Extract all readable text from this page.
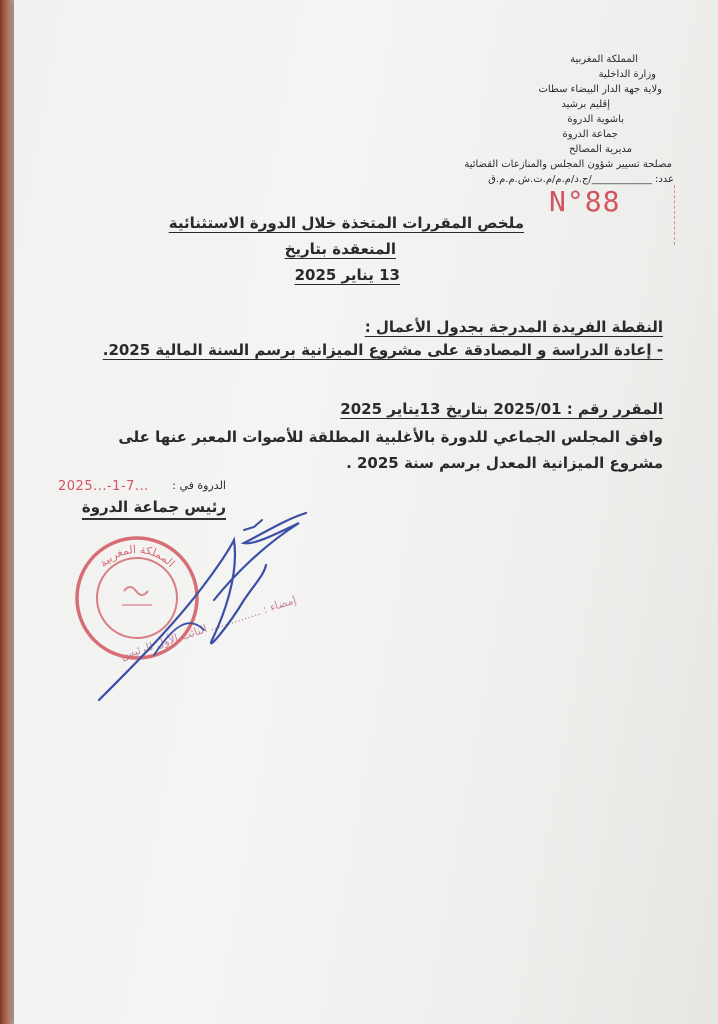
المملكة المغربية
وزارة الداخلية
ولاية جهة الدار البيضاء سطات
إقليم برشيد
باشوية الدروة
جماعة الدروة
مديرية المصالح
مصلحة تسيير شؤون المجلس والمنازعات القضائية
عدد: ____________/ج.د/م.م/م.ت.ش.م.م.ق
N°88
ملخص المقررات المتخذة خلال الدورة الاستثنائية
المنعقدة بتاريخ
13 يناير 2025
النقطة الفريدة المدرجة بجدول الأعمال :
- إعادة الدراسة و المصادقة على مشروع الميزانية برسم السنة المالية 2025.
المقرر رقم : 2025/01 بتاريخ 13يناير 2025
وافق المجلس الجماعي للدورة بالأغلبية المطلقة للأصوات المعبر عنها على
مشروع الميزانية المعدل برسم سنة 2025 .
الدروة في :
2025...-1-7...
رئيس جماعة الدروة
المملكة المغربية
إمضاء : ............... النائب الأول للرئيس
